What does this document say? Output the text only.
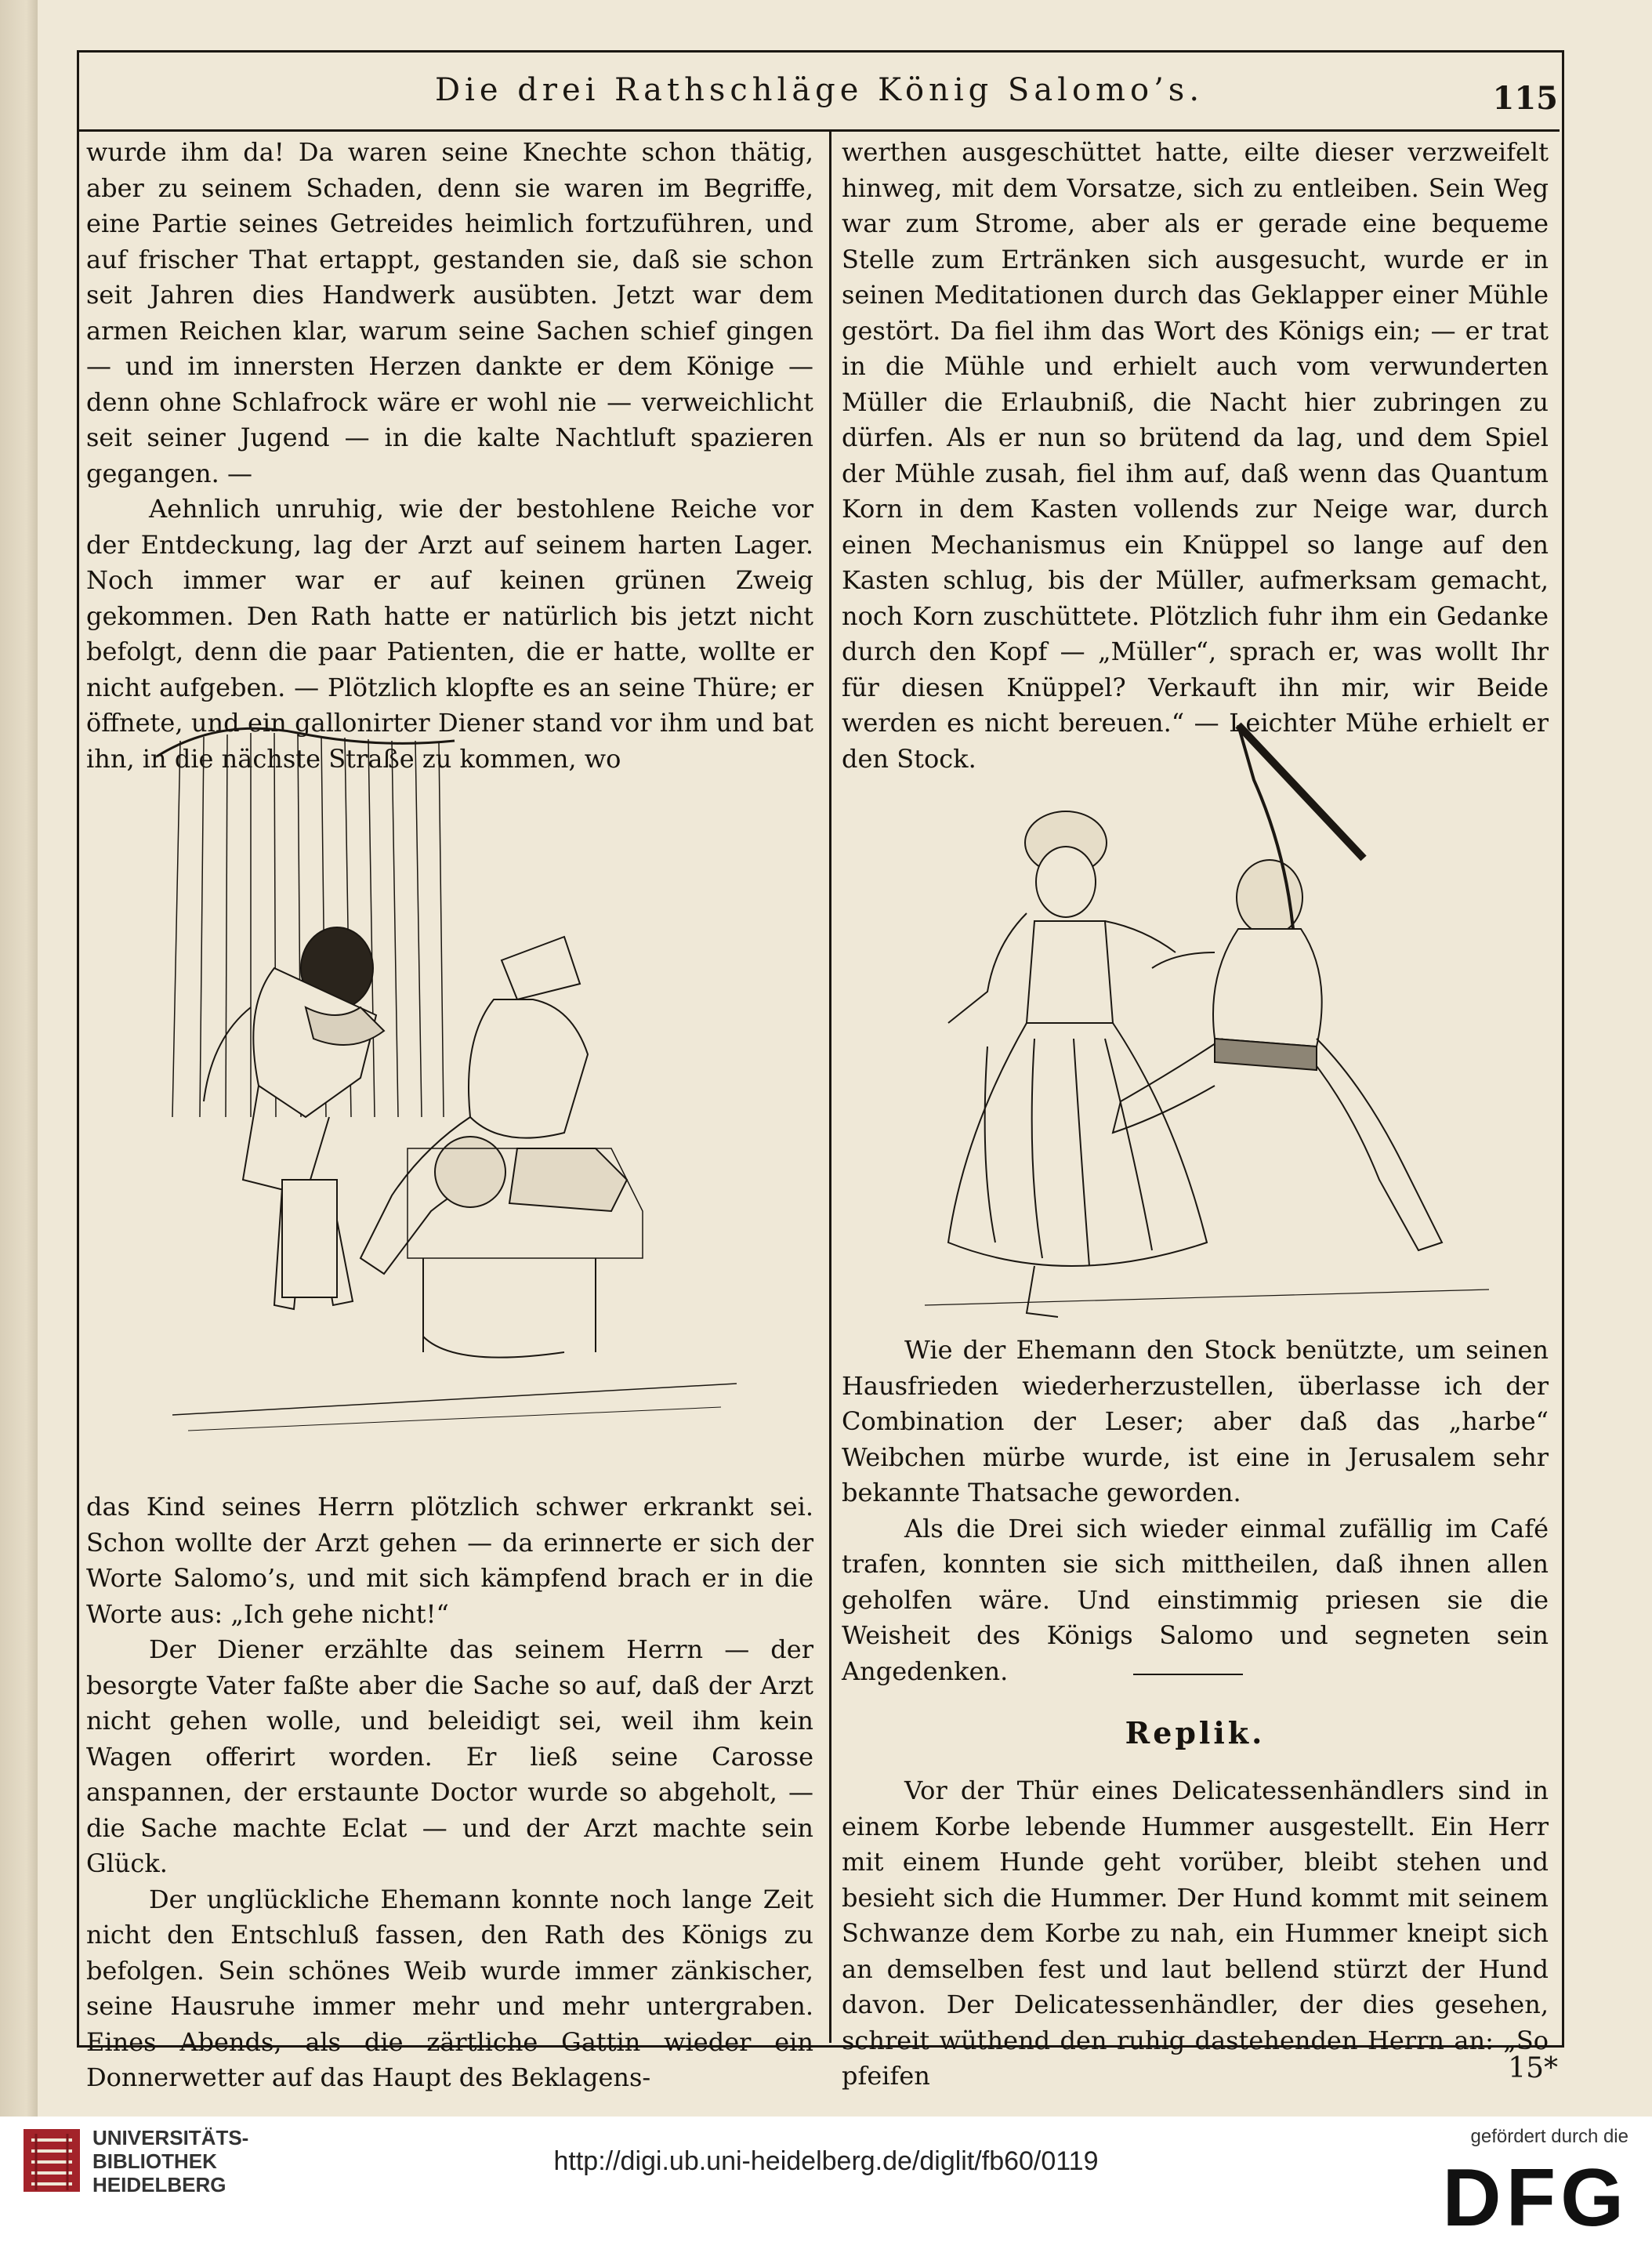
Die drei Rathschläge König Salomo’s.	115

wurde ihm da! Da waren seine Knechte schon thätig, aber zu seinem Schaden, denn sie waren im Begriffe, eine Partie seines Getreides heimlich fortzuführen, und auf frischer That ertappt, gestanden sie, daß sie schon seit Jahren dies Handwerk ausübten. Jetzt war dem armen Reichen klar, warum seine Sachen schief gingen — und im innersten Herzen dankte er dem Könige — denn ohne Schlafrock wäre er wohl nie — verweichlicht seit seiner Jugend — in die kalte Nachtluft spazieren gegangen. —

Aehnlich unruhig, wie der bestohlene Reiche vor der Entdeckung, lag der Arzt auf seinem harten Lager. Noch immer war er auf keinen grünen Zweig gekommen. Den Rath hatte er natürlich bis jetzt nicht befolgt, denn die paar Patienten, die er hatte, wollte er nicht aufgeben. — Plötzlich klopfte es an seine Thüre; er öffnete, und ein gallonirter Diener stand vor ihm und bat ihn, in die nächste Straße zu kommen, wo

das Kind seines Herrn plötzlich schwer erkrankt sei. Schon wollte der Arzt gehen — da erinnerte er sich der Worte Salomo’s, und mit sich kämpfend brach er in die Worte aus: „Ich gehe nicht!“

Der Diener erzählte das seinem Herrn — der besorgte Vater faßte aber die Sache so auf, daß der Arzt nicht gehen wolle, und beleidigt sei, weil ihm kein Wagen offerirt worden. Er ließ seine Carosse anspannen, der erstaunte Doctor wurde so abgeholt, — die Sache machte Eclat — und der Arzt machte sein Glück.

Der unglückliche Ehemann konnte noch lange Zeit nicht den Entschluß fassen, den Rath des Königs zu befolgen. Sein schönes Weib wurde immer zänkischer, seine Hausruhe immer mehr und mehr untergraben. Eines Abends, als die zärtliche Gattin wieder ein Donnerwetter auf das Haupt des Beklagens-

werthen ausgeschüttet hatte, eilte dieser verzweifelt hinweg, mit dem Vorsatze, sich zu entleiben. Sein Weg war zum Strome, aber als er gerade eine bequeme Stelle zum Ertränken sich ausgesucht, wurde er in seinen Meditationen durch das Geklapper einer Mühle gestört. Da fiel ihm das Wort des Königs ein; — er trat in die Mühle und erhielt auch vom verwunderten Müller die Erlaubniß, die Nacht hier zubringen zu dürfen. Als er nun so brütend da lag, und dem Spiel der Mühle zusah, fiel ihm auf, daß wenn das Quantum Korn in dem Kasten vollends zur Neige war, durch einen Mechanismus ein Knüppel so lange auf den Kasten schlug, bis der Müller, aufmerksam gemacht, noch Korn zuschüttete. Plötzlich fuhr ihm ein Gedanke durch den Kopf — „Müller“, sprach er, was wollt Ihr für diesen Knüppel? Verkauft ihn mir, wir Beide werden es nicht bereuen.“ — Leichter Mühe erhielt er den Stock.

Wie der Ehemann den Stock benützte, um seinen Hausfrieden wiederherzustellen, überlasse ich der Combination der Leser; aber daß das „harbe“ Weibchen mürbe wurde, ist eine in Jerusalem sehr bekannte Thatsache geworden.

Als die Drei sich wieder einmal zufällig im Café trafen, konnten sie sich mittheilen, daß ihnen allen geholfen wäre. Und einstimmig priesen sie die Weisheit des Königs Salomo und segneten sein Angedenken.

Replik.

Vor der Thür eines Delicatessenhändlers sind in einem Korbe lebende Hummer ausgestellt. Ein Herr mit einem Hunde geht vorüber, bleibt stehen und besieht sich die Hummer. Der Hund kommt mit seinem Schwanze dem Korbe zu nah, ein Hummer kneipt sich an demselben fest und laut bellend stürzt der Hund davon. Der Delicatessenhändler, der dies gesehen, schreit wüthend den ruhig dastehenden Herrn an: „So pfeifen	15*
UNIVERSITÄTS-
BIBLIOTHEK
HEIDELBERG
http://digi.ub.uni-heidelberg.de/diglit/fb60/0119
gefördert durch die
DFG
